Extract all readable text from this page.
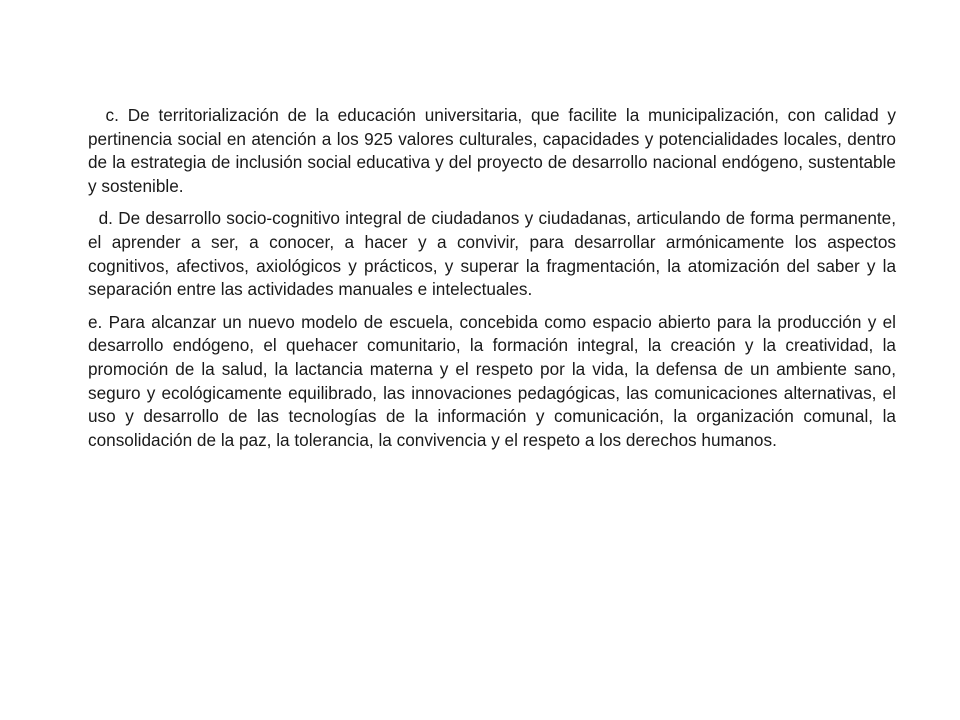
c. De territorialización de la educación universitaria, que facilite la municipalización, con calidad y pertinencia social en atención a los 925 valores culturales, capacidades y potencialidades locales, dentro de la estrategia de inclusión social educativa y del proyecto de desarrollo nacional endógeno, sustentable y sostenible.

d. De desarrollo socio-cognitivo integral de ciudadanos y ciudadanas, articulando de forma permanente, el aprender a ser, a conocer, a hacer y a convivir, para desarrollar armónicamente los aspectos cognitivos, afectivos, axiológicos y prácticos, y superar la fragmentación, la atomización del saber y la separación entre las actividades manuales e intelectuales.

e. Para alcanzar un nuevo modelo de escuela, concebida como espacio abierto para la producción y el desarrollo endógeno, el quehacer comunitario, la formación integral, la creación y la creatividad, la promoción de la salud, la lactancia materna y el respeto por la vida, la defensa de un ambiente sano, seguro y ecológicamente equilibrado, las innovaciones pedagógicas, las comunicaciones alternativas, el uso y desarrollo de las tecnologías de la información y comunicación, la organización comunal, la consolidación de la paz, la tolerancia, la convivencia y el respeto a los derechos humanos.
